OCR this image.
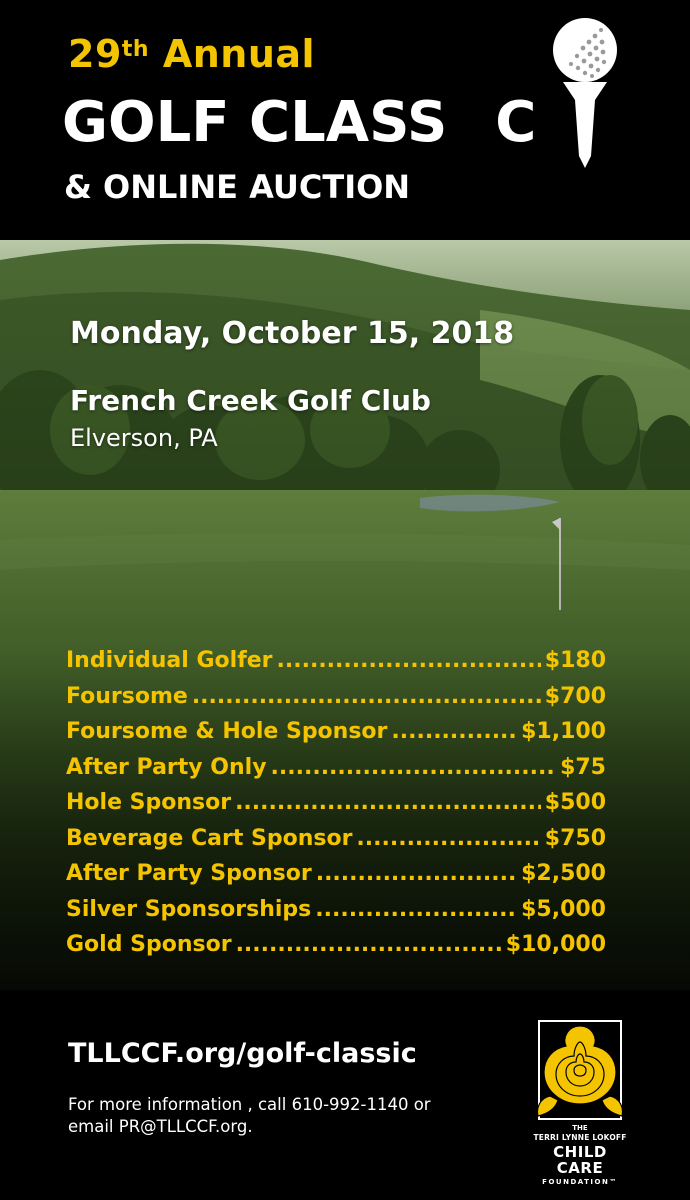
29th Annual
GOLF CLASS C
& ONLINE AUCTION
Monday, October 15, 2018
French Creek Golf Club
Elverson, PA
Individual Golfer .....	$180
Foursome .....	$700
Foursome & Hole Sponsor .....	$1,100
After Party Only .....	$75
Hole Sponsor .....	$500
Beverage Cart Sponsor .....	$750
After Party Sponsor .....	$2,500
Silver Sponsorships .....	$5,000
Gold Sponsor .....	$10,000
TLLCCF.org/golf-classic
For more information , call 610-992-1140 or
email PR@TLLCCF.org.	THE
TERRI LYNNE LOKOFF
CHILD
CARE
FOUNDATION™
